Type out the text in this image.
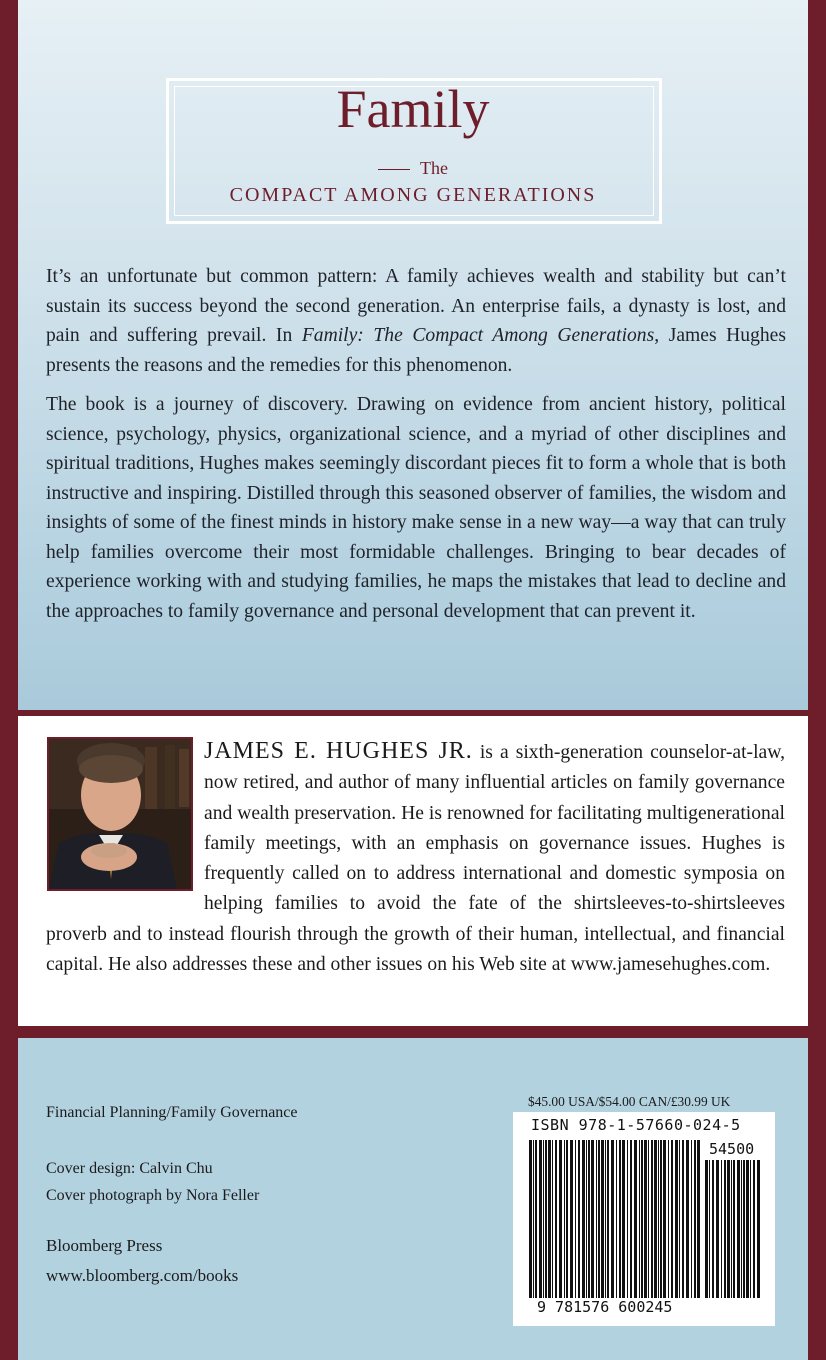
Family
The
COMPACT AMONG GENERATIONS

It’s an unfortunate but common pattern: A family achieves wealth and stability but can’t sustain its success beyond the second generation. An enterprise fails, a dynasty is lost, and pain and suffering prevail. In Family: The Compact Among Generations, James Hughes presents the reasons and the remedies for this phenomenon.

The book is a journey of discovery. Drawing on evidence from ancient history, political science, psychology, physics, organizational science, and a myriad of other disciplines and spiritual traditions, Hughes makes seemingly discordant pieces fit to form a whole that is both instructive and inspiring. Distilled through this seasoned observer of families, the wisdom and insights of some of the finest minds in history make sense in a new way—a way that can truly help families overcome their most formidable challenges. Bringing to bear decades of experience working with and studying families, he maps the mistakes that lead to decline and the approaches to family governance and personal development that can prevent it.

JAMES E. HUGHES JR. is a sixth-generation counselor-at-law, now retired, and author of many influential articles on family governance and wealth preservation. He is renowned for facilitating multigenerational family meetings, with an emphasis on governance issues. Hughes is frequently called on to address international and domestic symposia on helping families to avoid the fate of the shirtsleeves-to-shirtsleeves proverb and to instead flourish through the growth of their human, intellectual, and financial capital. He also addresses these and other issues on his Web site at www.jamesehughes.com.
Financial Planning/Family Governance
Cover design: Calvin Chu
Cover photograph by Nora Feller
Bloomberg Press
www.bloomberg.com/books
$45.00 USA/$54.00 CAN/£30.99 UK
ISBN 978-1-57660-024-5
54500
9 781576 600245
